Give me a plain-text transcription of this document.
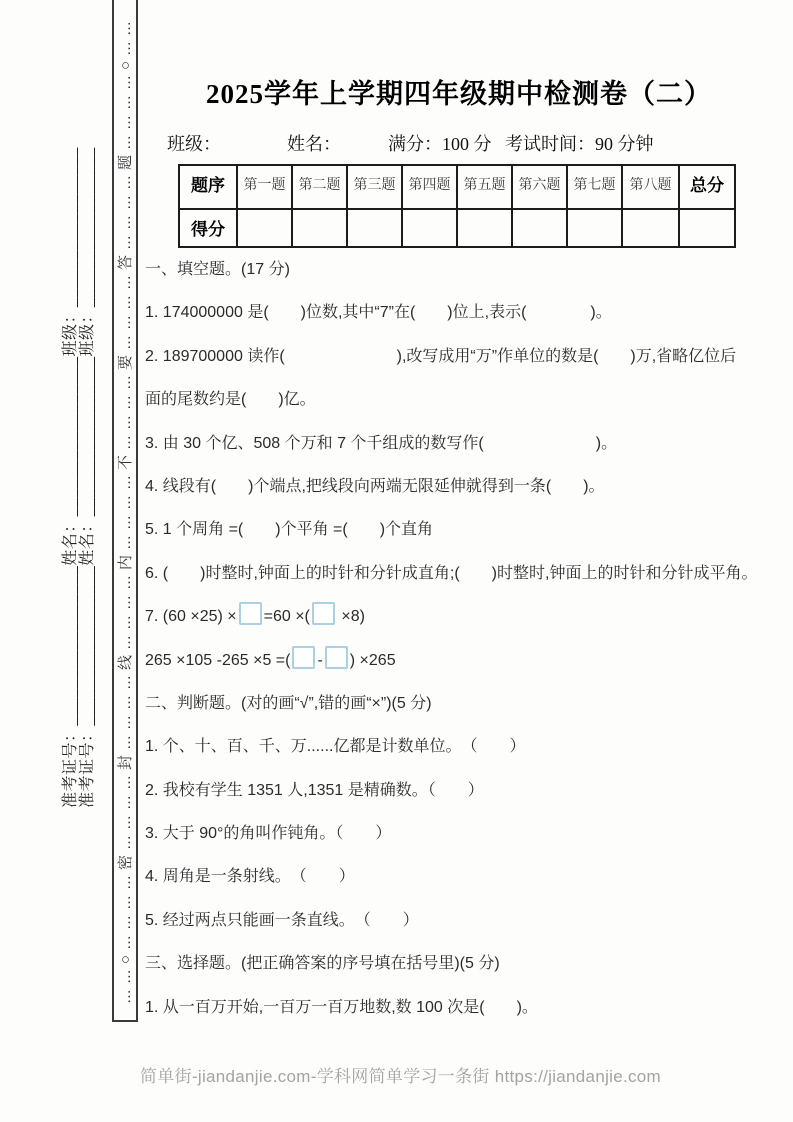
准考证号：_________________姓名：_________________班级：_________________ 准考证号：_________________姓名：_________________班级：_________________ ……○…………密…………封…………线…………内…………不…………要…………答…………题…………○……	2025学年上学期四年级期中检测卷（二）
班级：	姓名：	满分：100 分 考试时间：90 分钟
题序	第一题	第二题	第三题	第四题	第五题	第六题	第七题	第八题	总分
得分									
一、填空题。(17 分)
1. 174000000 是(　　)位数,其中“7”在(　　)位上,表示(　　　　)。
2. 189700000 读作(　　　　　　　),改写成用“万”作单位的数是(　　)万,省略亿位后
面的尾数约是(　　)亿。
3. 由 30 个亿、508 个万和 7 个千组成的数写作(　　　　　　　)。
4. 线段有(　　)个端点,把线段向两端无限延伸就得到一条(　　)。
5. 1 个周角 =(　　)个平角 =(　　)个直角
6. (　　)时整时,钟面上的时针和分针成直角;(　　)时整时,钟面上的时针和分针成平角。
7. (60 ×25) × =60 ×( ×8)
265 ×105 -265 ×5 =( - ) ×265
二、判断题。(对的画“√”,错的画“×”)(5 分)
1. 个、十、百、千、万......亿都是计数单位。　（　　）
2. 我校有学生 1351 人,1351 是精确数。（　　）
3. 大于 90°的角叫作钝角。（　　）
4. 周角是一条射线。　（　　）
5. 经过两点只能画一条直线。　（　　）
三、选择题。(把正确答案的序号填在括号里)(5 分)
1. 从一百万开始,一百万一百万地数,数 100 次是(　　)。
简单街-jiandanjie.com-学科网简单学习一条街 https://jiandanjie.com
